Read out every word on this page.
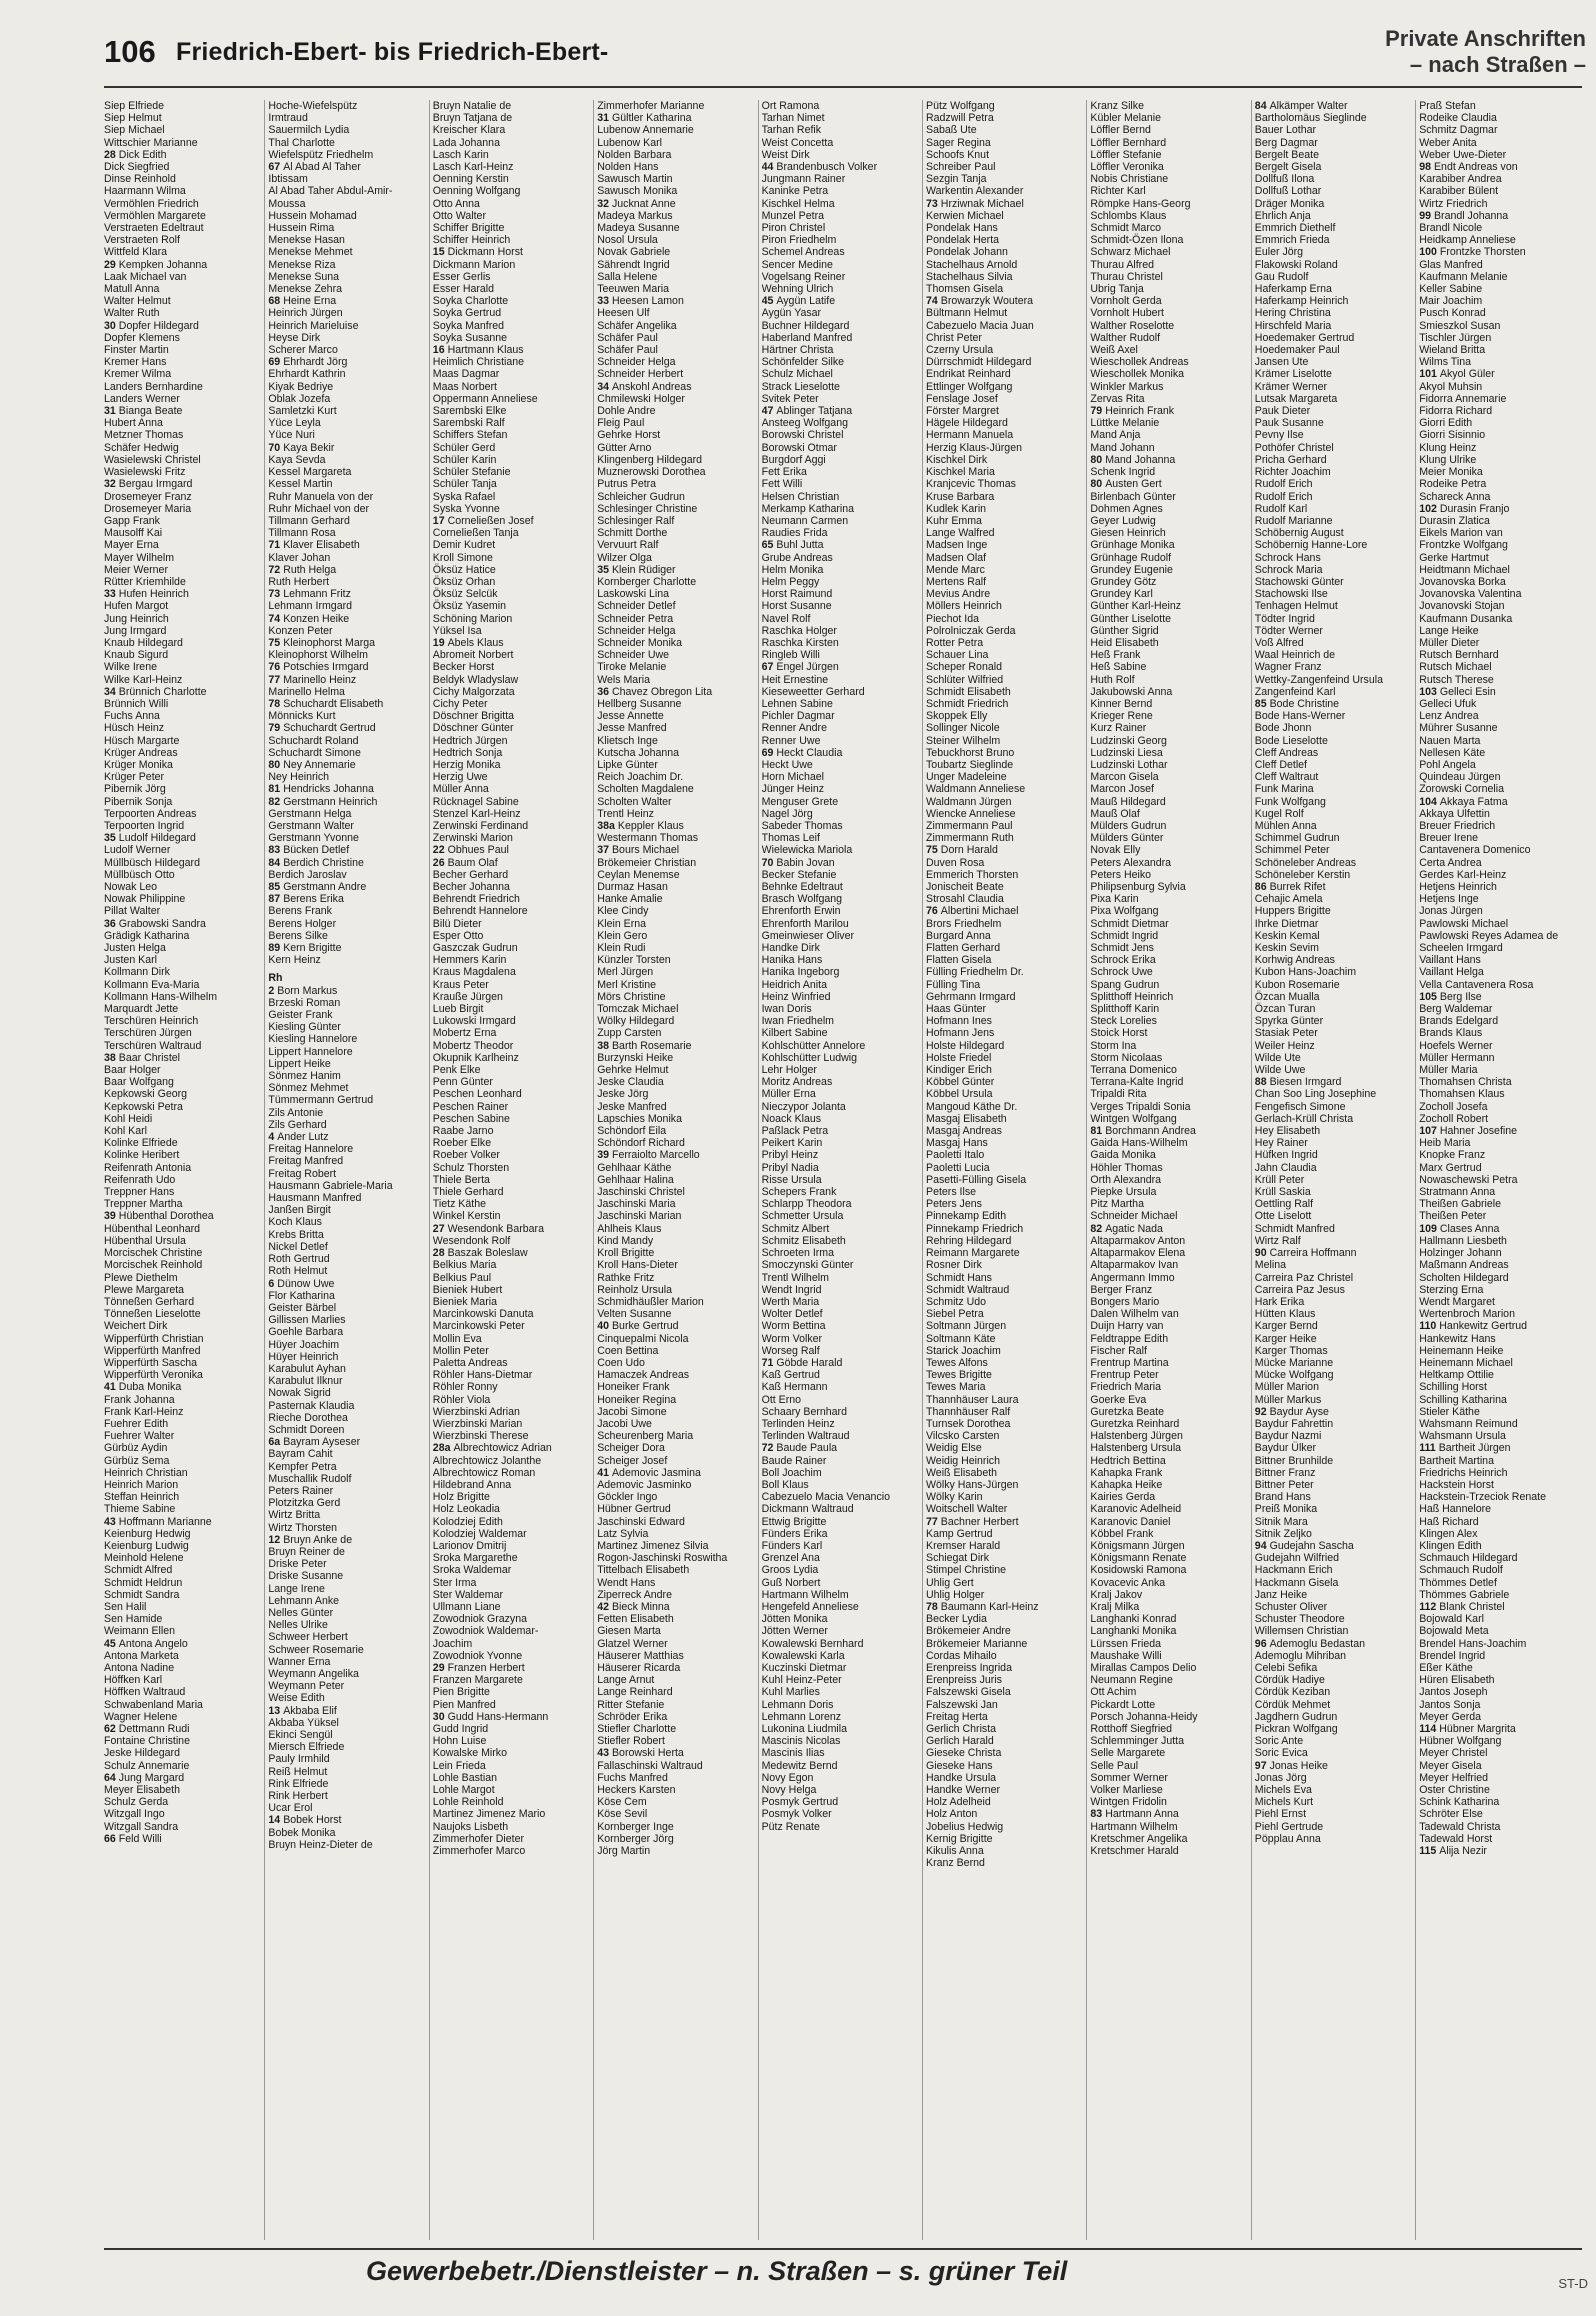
106 Friedrich-Ebert- bis Friedrich-Ebert-	Private Anschriften
– nach Straßen –
Siep Elfriede
Siep Helmut
Siep Michael
Wittschier Marianne
28 Dick Edith
Dick Siegfried
Dinse Reinhold
Haarmann Wilma
Vermöhlen Friedrich
Vermöhlen Margarete
Verstraeten Edeltraut
Verstraeten Rolf
Wittfeld Klara
29 Kempken Johanna
Laak Michael van
Matull Anna
Walter Helmut
Walter Ruth
30 Dopfer Hildegard
Dopfer Klemens
Finster Martin
Kremer Hans
Kremer Wilma
Landers Bernhardine
Landers Werner
31 Bianga Beate
Hubert Anna
Metzner Thomas
Schäfer Hedwig
Wasielewski Christel
Wasielewski Fritz
32 Bergau Irmgard
Drosemeyer Franz
Drosemeyer Maria
Gapp Frank
Mausolff Kai
Mayer Erna
Mayer Wilhelm
Meier Werner
Rütter Kriemhilde
33 Hufen Heinrich
Hufen Margot
Jung Heinrich
Jung Irmgard
Knaub Hildegard
Knaub Sigurd
Wilke Irene
Wilke Karl-Heinz
34 Brünnich Charlotte
Brünnich Willi
Fuchs Anna
Hüsch Heinz
Hüsch Margarte
Krüger Andreas
Krüger Monika
Krüger Peter
Pibernik Jörg
Pibernik Sonja
Terpoorten Andreas
Terpoorten Ingrid
35 Ludolf Hildegard
Ludolf Werner
Müllbüsch Hildegard
Müllbüsch Otto
Nowak Leo
Nowak Philippine
Pillat Walter
36 Grabowski Sandra
Grädigk Katharina
Justen Helga
Justen Karl
Kollmann Dirk
Kollmann Eva-Maria
Kollmann Hans-Wilhelm
Marquardt Jette
Terschüren Heinrich
Terschüren Jürgen
Terschüren Waltraud
38 Baar Christel
Baar Holger
Baar Wolfgang
Kepkowski Georg
Kepkowski Petra
Kohl Heidi
Kohl Karl
Kolinke Elfriede
Kolinke Heribert
Reifenrath Antonia
Reifenrath Udo
Treppner Hans
Treppner Martha
39 Hübenthal Dorothea
Hübenthal Leonhard
Hübenthal Ursula
Morcischek Christine
Morcischek Reinhold
Plewe Diethelm
Plewe Margareta
Tönneßen Gerhard
Tönneßen Lieselotte
Weichert Dirk
Wipperfürth Christian
Wipperfürth Manfred
Wipperfürth Sascha
Wipperfürth Veronika
41 Duba Monika
Frank Johanna
Frank Karl-Heinz
Fuehrer Edith
Fuehrer Walter
Gürbüz Aydin
Gürbüz Sema
Heinrich Christian
Heinrich Marion
Steffan Heinrich
Thieme Sabine
43 Hoffmann Marianne
Keienburg Hedwig
Keienburg Ludwig
Meinhold Helene
Schmidt Alfred
Schmidt Heldrun
Schmidt Sandra
Sen Halil
Sen Hamide
Weimann Ellen
45 Antona Angelo
Antona Marketa
Antona Nadine
Höffken Karl
Höffken Waltraud
Schwabenland Maria
Wagner Helene
62 Dettmann Rudi
Fontaine Christine
Jeske Hildegard
Schulz Annemarie
64 Jung Margard
Meyer Elisabeth
Schulz Gerda
Witzgall Ingo
Witzgall Sandra
66 Feld Willi
Hoche-Wiefelspütz
Irmtraud
Sauermilch Lydia
Thal Charlotte
Wiefelspütz Friedhelm
67 Al Abad Al Taher
Ibtissam
Al Abad Taher Abdul-Amir-
Moussa
Hussein Mohamad
Hussein Rima
Menekse Hasan
Menekse Mehmet
Menekse Riza
Menekse Suna
Menekse Zehra
68 Heine Erna
Heinrich Jürgen
Heinrich Marieluise
Heyse Dirk
Scherer Marco
69 Ehrhardt Jörg
Ehrhardt Kathrin
Kiyak Bedriye
Oblak Jozefa
Samletzki Kurt
Yüce Leyla
Yüce Nuri
70 Kaya Bekir
Kaya Sevda
Kessel Margareta
Kessel Martin
Ruhr Manuela von der
Ruhr Michael von der
Tillmann Gerhard
Tillmann Rosa
71 Klaver Elisabeth
Klaver Johan
72 Ruth Helga
Ruth Herbert
73 Lehmann Fritz
Lehmann Irmgard
74 Konzen Heike
Konzen Peter
75 Kleinophorst Marga
Kleinophorst Wilhelm
76 Potschies Irmgard
77 Marinello Heinz
Marinello Helma
78 Schuchardt Elisabeth
Mönnicks Kurt
79 Schuchardt Gertrud
Schuchardt Roland
Schuchardt Simone
80 Ney Annemarie
Ney Heinrich
81 Hendricks Johanna
82 Gerstmann Heinrich
Gerstmann Helga
Gerstmann Walter
Gerstmann Yvonne
83 Bücken Detlef
84 Berdich Christine
Berdich Jaroslav
85 Gerstmann Andre
87 Berens Erika
Berens Frank
Berens Holger
Berens Silke
89 Kern Brigitte
Kern Heinz
Rh
2 Born Markus
Brzeski Roman
Geister Frank
Kiesling Günter
Kiesling Hannelore
Lippert Hannelore
Lippert Heike
Sönmez Hanim
Sönmez Mehmet
Tümmermann Gertrud
Zils Antonie
Zils Gerhard
4 Ander Lutz
Freitag Hannelore
Freitag Manfred
Freitag Robert
Hausmann Gabriele-Maria
Hausmann Manfred
Janßen Birgit
Koch Klaus
Krebs Britta
Nickel Detlef
Roth Gertrud
Roth Helmut
6 Dünow Uwe
Flor Katharina
Geister Bärbel
Gillissen Marlies
Goehle Barbara
Hüyer Joachim
Hüyer Heinrich
Karabulut Ayhan
Karabulut Ilknur
Nowak Sigrid
Pasternak Klaudia
Rieche Dorothea
Schmidt Doreen
6a Bayram Ayseser
Bayram Cahit
Kempfer Petra
Muschallik Rudolf
Peters Rainer
Plotzitzka Gerd
Wirtz Britta
Wirtz Thorsten
12 Bruyn Anke de
Bruyn Reiner de
Driske Peter
Driske Susanne
Lange Irene
Lehmann Anke
Nelles Günter
Nelles Ulrike
Schweer Herbert
Schweer Rosemarie
Wanner Erna
Weymann Angelika
Weymann Peter
Weise Edith
13 Akbaba Elif
Akbaba Yüksel
Ekinci Sengül
Miersch Elfriede
Pauly Irmhild
Reiß Helmut
Rink Elfriede
Rink Herbert
Ucar Erol
14 Bobek Horst
Bobek Monika
Bruyn Heinz-Dieter de
Bruyn Natalie de
Bruyn Tatjana de
Kreischer Klara
Lada Johanna
Lasch Karin
Lasch Karl-Heinz
Oenning Kerstin
Oenning Wolfgang
Otto Anna
Otto Walter
Schiffer Brigitte
Schiffer Heinrich
15 Dickmann Horst
Dickmann Marion
Esser Gerlis
Esser Harald
Soyka Charlotte
Soyka Gertrud
Soyka Manfred
Soyka Susanne
16 Hartmann Klaus
Heimlich Christiane
Maas Dagmar
Maas Norbert
Oppermann Anneliese
Sarembski Elke
Sarembski Ralf
Schiffers Stefan
Schüler Gerd
Schüler Karin
Schüler Stefanie
Schüler Tanja
Syska Rafael
Syska Yvonne
17 Corneließen Josef
Corneließen Tanja
Demir Kudret
Kroll Simone
Öksüz Hatice
Öksüz Orhan
Öksüz Selcük
Öksüz Yasemin
Schöning Marion
Yüksel Isa
19 Abels Klaus
Abromeit Norbert
Becker Horst
Beldyk Wladyslaw
Cichy Malgorzata
Cichy Peter
Döschner Brigitta
Döschner Günter
Hedtrich Jürgen
Hedtrich Sonja
Herzig Monika
Herzig Uwe
Müller Anna
Rücknagel Sabine
Stenzel Karl-Heinz
Zerwinski Ferdinand
Zerwinski Marion
22 Obhues Paul
26 Baum Olaf
Becher Gerhard
Becher Johanna
Behrendt Friedrich
Behrendt Hannelore
Bilü Dieter
Esper Otto
Gaszczak Gudrun
Hemmers Karin
Kraus Magdalena
Kraus Peter
Krauße Jürgen
Lueb Birgit
Lukowski Irmgard
Mobertz Erna
Mobertz Theodor
Okupnik Karlheinz
Penk Elke
Penn Günter
Peschen Leonhard
Peschen Rainer
Peschen Sabine
Raabe Jarno
Roeber Elke
Roeber Volker
Schulz Thorsten
Thiele Berta
Thiele Gerhard
Tietz Käthe
Winkel Kerstin
27 Wesendonk Barbara
Wesendonk Rolf
28 Baszak Boleslaw
Belkius Maria
Belkius Paul
Bieniek Hubert
Bieniek Maria
Marcinkowski Danuta
Marcinkowski Peter
Mollin Eva
Mollin Peter
Paletta Andreas
Röhler Hans-Dietmar
Röhler Ronny
Röhler Viola
Wierzbinski Adrian
Wierzbinski Marian
Wierzbinski Therese
28a Albrechtowicz Adrian
Albrechtowicz Jolanthe
Albrechtowicz Roman
Hildebrand Anna
Holz Brigitte
Holz Leokadia
Kolodziej Edith
Kolodziej Waldemar
Larionov Dmitrij
Sroka Margarethe
Sroka Waldemar
Ster Irma
Ster Waldemar
Ullmann Liane
Zowodniok Grazyna
Zowodniok Waldemar-
Joachim
Zowodniok Yvonne
29 Franzen Herbert
Franzen Margarete
Pien Brigitte
Pien Manfred
30 Gudd Hans-Hermann
Gudd Ingrid
Hohn Luise
Kowalske Mirko
Lein Frieda
Lohle Bastian
Lohle Margot
Lohle Reinhold
Martinez Jimenez Mario
Naujoks Lisbeth
Zimmerhofer Dieter
Zimmerhofer Marco
Zimmerhofer Marianne
31 Gültler Katharina
Lubenow Annemarie
Lubenow Karl
Nolden Barbara
Nolden Hans
Sawusch Martin
Sawusch Monika
32 Jucknat Anne
Madeya Markus
Madeya Susanne
Nosol Ursula
Novak Gabriele
Sährendt Ingrid
Salla Helene
Teeuwen Maria
33 Heesen Lamon
Heesen Ulf
Schäfer Angelika
Schäfer Paul
Schäfer Paul
Schneider Helga
Schneider Herbert
34 Anskohl Andreas
Chmilewski Holger
Dohle Andre
Fleig Paul
Gehrke Horst
Gütter Arno
Klingenberg Hildegard
Muznerowski Dorothea
Putrus Petra
Schleicher Gudrun
Schlesinger Christine
Schlesinger Ralf
Schmitt Dorthe
Vervuurt Ralf
Wilzer Olga
35 Klein Rüdiger
Kornberger Charlotte
Laskowski Lina
Schneider Detlef
Schneider Petra
Schneider Helga
Schneider Monika
Schneider Uwe
Tiroke Melanie
Wels Maria
36 Chavez Obregon Lita
Hellberg Susanne
Jesse Annette
Jesse Manfred
Klietsch Inge
Kutscha Johanna
Lipke Günter
Reich Joachim Dr.
Scholten Magdalene
Scholten Walter
Trentl Heinz
38a Keppler Klaus
Westermann Thomas
37 Bours Michael
Brökemeier Christian
Ceylan Menemse
Durmaz Hasan
Hanke Amalie
Klee Cindy
Klein Erna
Klein Gero
Klein Rudi
Künzler Torsten
Merl Jürgen
Merl Kristine
Mörs Christine
Tomczak Michael
Wölky Hildegard
Zupp Carsten
38 Barth Rosemarie
Burzynski Heike
Gehrke Helmut
Jeske Claudia
Jeske Jörg
Jeske Manfred
Lapschies Monika
Schöndorf Eila
Schöndorf Richard
39 Ferraiolto Marcello
Gehlhaar Käthe
Gehlhaar Halina
Jaschinski Christel
Jaschinski Maria
Jaschinski Marian
Ahlheis Klaus
Kind Mandy
Kroll Brigitte
Kroll Hans-Dieter
Rathke Fritz
Reinholz Ursula
Schmidhäußler Marion
Velten Susanne
40 Burke Gertrud
Cinquepalmi Nicola
Coen Bettina
Coen Udo
Hamaczek Andreas
Honeiker Frank
Honeiker Regina
Jacobi Simone
Jacobi Uwe
Scheurenberg Maria
Scheiger Dora
Scheiger Josef
41 Ademovic Jasmina
Ademovic Jasminko
Göckler Ingo
Hübner Gertrud
Jaschinski Edward
Latz Sylvia
Martinez Jimenez Silvia
Rogon-Jaschinski Roswitha
Tittelbach Elisabeth
Wendt Hans
Ziperreck Andre
42 Bieck Minna
Fetten Elisabeth
Giesen Marta
Glatzel Werner
Häuserer Matthias
Häuserer Ricarda
Lange Arnut
Lange Reinhard
Ritter Stefanie
Schröder Erika
Stiefler Charlotte
Stiefler Robert
43 Borowski Herta
Fallaschinski Waltraud
Fuchs Manfred
Heckers Karsten
Köse Cem
Köse Sevil
Kornberger Inge
Kornberger Jörg
Jörg Martin
Ort Ramona
Tarhan Nimet
Tarhan Refik
Weist Concetta
Weist Dirk
44 Brandenbusch Volker
Jungmann Rainer
Kaninke Petra
Kischkel Helma
Munzel Petra
Piron Christel
Piron Friedhelm
Schemel Andreas
Sencer Medine
Vogelsang Reiner
Wehning Ulrich
45 Aygün Latife
Aygün Yasar
Buchner Hildegard
Haberland Manfred
Härtner Christa
Schönfelder Silke
Schulz Michael
Strack Lieselotte
Svitek Peter
47 Ablinger Tatjana
Ansteeg Wolfgang
Borowski Christel
Borowski Otmar
Burgdorf Aggi
Fett Erika
Fett Willi
Helsen Christian
Merkamp Katharina
Neumann Carmen
Raudies Frida
65 Buhl Jutta
Grube Andreas
Helm Monika
Helm Peggy
Horst Raimund
Horst Susanne
Navel Rolf
Raschka Holger
Raschka Kirsten
Ringleb Willi
67 Engel Jürgen
Heit Ernestine
Kieseweetter Gerhard
Lehnen Sabine
Pichler Dagmar
Renner Andre
Renner Uwe
69 Heckt Claudia
Heckt Uwe
Horn Michael
Jünger Heinz
Menguser Grete
Nagel Jörg
Sabeder Thomas
Thomas Leif
Wielewicka Mariola
70 Babin Jovan
Becker Stefanie
Behnke Edeltraut
Brasch Wolfgang
Ehrenforth Erwin
Ehrenforth Marilou
Gmeinwieser Oliver
Handke Dirk
Hanika Hans
Hanika Ingeborg
Heidrich Anita
Heinz Winfried
Iwan Doris
Iwan Friedhelm
Kilbert Sabine
Kohlschütter Annelore
Kohlschütter Ludwig
Lehr Holger
Moritz Andreas
Müller Erna
Nieczypor Jolanta
Noack Klaus
Paßlack Petra
Peikert Karin
Pribyl Heinz
Pribyl Nadia
Risse Ursula
Schepers Frank
Schlarpp Theodora
Schmetter Ursula
Schmitz Albert
Schmitz Elisabeth
Schroeten Irma
Smoczynski Günter
Trentl Wilhelm
Wendt Ingrid
Werth Maria
Wolter Detlef
Worm Bettina
Worm Volker
Worseg Ralf
71 Göbde Harald
Kaß Gertrud
Kaß Hermann
Ott Erno
Schaary Bernhard
Terlinden Heinz
Terlinden Waltraud
72 Baude Paula
Baude Rainer
Boll Joachim
Boll Klaus
Cabezuelo Macia Venancio
Dickmann Waltraud
Ettwig Brigitte
Fünders Erika
Fünders Karl
Grenzel Ana
Groos Lydia
Guß Norbert
Hartmann Wilhelm
Hengefeld Anneliese
Jötten Monika
Jötten Werner
Kowalewski Bernhard
Kowalewski Karla
Kuczinski Dietmar
Kuhl Heinz-Peter
Kuhl Marlies
Lehmann Doris
Lehmann Lorenz
Lukonina Liudmila
Mascinis Nicolas
Mascinis Ilias
Medewitz Bernd
Novy Egon
Novy Helga
Posmyk Gertrud
Posmyk Volker
Pütz Renate
Pütz Wolfgang
Radzwill Petra
Sabaß Ute
Sager Regina
Schoofs Knut
Schreiber Paul
Sezgin Tanja
Warkentin Alexander
73 Hrziwnak Michael
Kerwien Michael
Pondelak Hans
Pondelak Herta
Pondelak Johann
Stachelhaus Arnold
Stachelhaus Silvia
Thomsen Gisela
74 Browarzyk Woutera
Bültmann Helmut
Cabezuelo Macia Juan
Christ Peter
Czerny Ursula
Dürrschmidt Hildegard
Endrikat Reinhard
Ettlinger Wolfgang
Fenslage Josef
Förster Margret
Hägele Hildegard
Hermann Manuela
Herzig Klaus-Jürgen
Kischkel Dirk
Kischkel Maria
Kranjcevic Thomas
Kruse Barbara
Kudlek Karin
Kuhr Emma
Lange Walfred
Madsen Inge
Madsen Olaf
Mende Marc
Mertens Ralf
Mevius Andre
Möllers Heinrich
Piechot Ida
Polrolniczak Gerda
Rotter Petra
Schauer Lina
Scheper Ronald
Schlüter Wilfried
Schmidt Elisabeth
Schmidt Friedrich
Skoppek Elly
Sollinger Nicole
Steiner Wilhelm
Tebuckhorst Bruno
Toubartz Sieglinde
Unger Madeleine
Waldmann Anneliese
Waldmann Jürgen
Wiencke Anneliese
Zimmermann Paul
Zimmermann Ruth
75 Dorn Harald
Duven Rosa
Emmerich Thorsten
Jonischeit Beate
Strosahl Claudia
76 Albertini Michael
Brors Friedhelm
Burgard Anna
Flatten Gerhard
Flatten Gisela
Fülling Friedhelm Dr.
Fülling Tina
Gehrmann Irmgard
Haas Günter
Hofmann Ines
Hofmann Jens
Holste Hildegard
Holste Friedel
Kindiger Erich
Köbbel Günter
Köbbel Ursula
Mangoud Käthe Dr.
Masgaj Elisabeth
Masgaj Andreas
Masgaj Hans
Paoletti Italo
Paoletti Lucia
Pasetti-Fülling Gisela
Peters Ilse
Peters Jens
Pinnekamp Edith
Pinnekamp Friedrich
Rehring Hildegard
Reimann Margarete
Rosner Dirk
Schmidt Hans
Schmidt Waltraud
Schmitz Udo
Siebel Petra
Soltmann Jürgen
Soltmann Käte
Starick Joachim
Tewes Alfons
Tewes Brigitte
Tewes Maria
Thannhäuser Laura
Thannhäuser Ralf
Turnsek Dorothea
Vilcsko Carsten
Weidig Else
Weidig Heinrich
Weiß Elisabeth
Wölky Hans-Jürgen
Wölky Karin
Woitschell Walter
77 Bachner Herbert
Kamp Gertrud
Kremser Harald
Schiegat Dirk
Stimpel Christine
Uhlig Gert
Uhlig Holger
78 Baumann Karl-Heinz
Becker Lydia
Brökemeier Andre
Brökemeier Marianne
Cordas Mihailo
Erenpreiss Ingrida
Erenpreiss Juris
Falszewski Gisela
Falszewski Jan
Freitag Herta
Gerlich Christa
Gerlich Harald
Gieseke Christa
Gieseke Hans
Handke Ursula
Handke Werner
Holz Adelheid
Holz Anton
Jobelius Hedwig
Kernig Brigitte
Kikulis Anna
Kranz Bernd
Kranz Silke
Kübler Melanie
Löffler Bernd
Löffler Bernhard
Löffler Stefanie
Löffler Veronika
Nobis Christiane
Richter Karl
Römpke Hans-Georg
Schlombs Klaus
Schmidt Marco
Schmidt-Özen Ilona
Schwarz Michael
Thurau Alfred
Thurau Christel
Ubrig Tanja
Vornholt Gerda
Vornholt Hubert
Walther Roselotte
Walther Rudolf
Weiß Axel
Wieschollek Andreas
Wieschollek Monika
Winkler Markus
Zervas Rita
79 Heinrich Frank
Lüttke Melanie
Mand Anja
Mand Johann
80 Mand Johanna
Schenk Ingrid
80 Austen Gert
Birlenbach Günter
Dohmen Agnes
Geyer Ludwig
Giesen Heinrich
Grünhage Monika
Grünhage Rudolf
Grundey Eugenie
Grundey Götz
Grundey Karl
Günther Karl-Heinz
Günther Liselotte
Günther Sigrid
Heid Elisabeth
Heß Frank
Heß Sabine
Huth Rolf
Jakubowski Anna
Kinner Bernd
Krieger Rene
Kurz Rainer
Ludzinski Georg
Ludzinski Liesa
Ludzinski Lothar
Marcon Gisela
Marcon Josef
Mauß Hildegard
Mauß Olaf
Mülders Gudrun
Mülders Günter
Novak Elly
Peters Alexandra
Peters Heiko
Philipsenburg Sylvia
Pixa Karin
Pixa Wolfgang
Schmidt Dietmar
Schmidt Ingrid
Schmidt Jens
Schrock Erika
Schrock Uwe
Spang Gudrun
Splitthoff Heinrich
Splitthoff Karin
Steck Lorelies
Stoick Horst
Storm Ina
Storm Nicolaas
Terrana Domenico
Terrana-Kalte Ingrid
Tripaldi Rita
Verges Tripaldi Sonia
Wintgen Wolfgang
81 Borchmann Andrea
Gaida Hans-Wilhelm
Gaida Monika
Höhler Thomas
Orth Alexandra
Piepke Ursula
Pitz Martha
Schneider Michael
82 Agatic Nada
Altaparmakov Anton
Altaparmakov Elena
Altaparmakov Ivan
Angermann Immo
Berger Franz
Bongers Mario
Dalen Wilhelm van
Duijn Harry van
Feldtrappe Edith
Fischer Ralf
Frentrup Martina
Frentrup Peter
Friedrich Maria
Goerke Eva
Guretzka Beate
Guretzka Reinhard
Halstenberg Jürgen
Halstenberg Ursula
Hedtrich Bettina
Kahapka Frank
Kahapka Heike
Kairies Gerda
Karanovic Adelheid
Karanovic Daniel
Köbbel Frank
Königsmann Jürgen
Königsmann Renate
Kosidowski Ramona
Kovacevic Anka
Kralj Jakov
Kralj Milka
Langhanki Konrad
Langhanki Monika
Lürssen Frieda
Maushake Willi
Mirallas Campos Delio
Neumann Regine
Ott Achim
Pickardt Lotte
Porsch Johanna-Heidy
Rotthoff Siegfried
Schlemminger Jutta
Selle Margarete
Selle Paul
Sommer Werner
Volker Marliese
Wintgen Fridolin
83 Hartmann Anna
Hartmann Wilhelm
Kretschmer Angelika
Kretschmer Harald
84 Alkämper Walter
Bartholomäus Sieglinde
Bauer Lothar
Berg Dagmar
Bergelt Beate
Bergelt Gisela
Dollfuß Ilona
Dollfuß Lothar
Dräger Monika
Ehrlich Anja
Emmrich Diethelf
Emmrich Frieda
Euler Jörg
Flakowski Roland
Gau Rudolf
Haferkamp Erna
Haferkamp Heinrich
Hering Christina
Hirschfeld Maria
Hoedemaker Gertrud
Hoedemaker Paul
Jansen Ute
Krämer Liselotte
Krämer Werner
Lutsak Margareta
Pauk Dieter
Pauk Susanne
Pevny Ilse
Pothöfer Christel
Pricha Gerhard
Richter Joachim
Rudolf Erich
Rudolf Erich
Rudolf Karl
Rudolf Marianne
Schöbernig August
Schöbernig Hanne-Lore
Schrock Hans
Schrock Maria
Stachowski Günter
Stachowski Ilse
Tenhagen Helmut
Tödter Ingrid
Tödter Werner
Voß Alfred
Waal Heinrich de
Wagner Franz
Wettky-Zangenfeind Ursula
Zangenfeind Karl
85 Bode Christine
Bode Hans-Werner
Bode Jhonn
Bode Lieselotte
Cleff Andreas
Cleff Detlef
Cleff Waltraut
Funk Marina
Funk Wolfgang
Kugel Rolf
Mühlen Anna
Schimmel Gudrun
Schimmel Peter
Schöneleber Andreas
Schöneleber Kerstin
86 Burrek Rifet
Cehajic Amela
Huppers Brigitte
Ihrke Dietmar
Keskin Kemal
Keskin Sevim
Korhwig Andreas
Kubon Hans-Joachim
Kubon Rosemarie
Özcan Mualla
Özcan Turan
Spyrka Günter
Stasiak Peter
Weiler Heinz
Wilde Ute
Wilde Uwe
88 Biesen Irmgard
Chan Soo Ling Josephine
Fengefisch Simone
Gerlach-Krüll Christa
Hey Elisabeth
Hey Rainer
Hüfken Ingrid
Jahn Claudia
Krüll Peter
Krüll Saskia
Oettling Ralf
Otte Liselott
Schmidt Manfred
Wirtz Ralf
90 Carreira Hoffmann
Melina
Carreira Paz Christel
Carreira Paz Jesus
Hark Erika
Hütten Klaus
Karger Bernd
Karger Heike
Karger Thomas
Mücke Marianne
Mücke Wolfgang
Müller Marion
Müller Markus
92 Baydur Ayse
Baydur Fahrettin
Baydur Nazmi
Baydur Ülker
Bittner Brunhilde
Bittner Franz
Bittner Peter
Brand Hans
Preiß Monika
Sitnik Mara
Sitnik Zeljko
94 Gudejahn Sascha
Gudejahn Wilfried
Hackmann Erich
Hackmann Gisela
Janz Heike
Schuster Oliver
Schuster Theodore
Willemsen Christian
96 Ademoglu Bedastan
Ademoglu Mihriban
Celebi Sefika
Cördük Hadiye
Cördük Keziban
Cördük Mehmet
Jagdhern Gudrun
Pickran Wolfgang
Soric Ante
Soric Evica
97 Jonas Heike
Jonas Jörg
Michels Eva
Michels Kurt
Piehl Ernst
Piehl Gertrude
Pöpplau Anna
Praß Stefan
Rodeike Claudia
Schmitz Dagmar
Weber Anita
Weber Uwe-Dieter
98 Endt Andreas von
Karabiber Andrea
Karabiber Bülent
Wirtz Friedrich
99 Brandl Johanna
Brandl Nicole
Heidkamp Anneliese
100 Frontzke Thorsten
Glas Manfred
Kaufmann Melanie
Keller Sabine
Mair Joachim
Pusch Konrad
Smieszkol Susan
Tischler Jürgen
Wieland Britta
Wilms Tina
101 Akyol Güler
Akyol Muhsin
Fidorra Annemarie
Fidorra Richard
Giorri Edith
Giorri Sisinnio
Klung Heinz
Klung Ulrike
Meier Monika
Rodeike Petra
Schareck Anna
102 Durasin Franjo
Durasin Zlatica
Eikels Marion van
Frontzke Wolfgang
Gerke Hartmut
Heidtmann Michael
Jovanovska Borka
Jovanovska Valentina
Jovanovski Stojan
Kaufmann Dusanka
Lange Heike
Müller Dieter
Rutsch Bernhard
Rutsch Michael
Rutsch Therese
103 Gelleci Esin
Gelleci Ufuk
Lenz Andrea
Mührer Susanne
Nauen Marta
Nellesen Käte
Pohl Angela
Quindeau Jürgen
Zorowski Cornelia
104 Akkaya Fatma
Akkaya Ulfettin
Breuer Friedrich
Breuer Irene
Cantavenera Domenico
Certa Andrea
Gerdes Karl-Heinz
Hetjens Heinrich
Hetjens Inge
Jonas Jürgen
Pawlowski Michael
Pawlowski Reyes Adamea de
Scheelen Irmgard
Vaillant Hans
Vaillant Helga
Vella Cantavenera Rosa
105 Berg Ilse
Berg Waldemar
Brands Edelgard
Brands Klaus
Hoefels Werner
Müller Hermann
Müller Maria
Thomahsen Christa
Thomahsen Klaus
Zocholl Josefa
Zocholl Robert
107 Hahner Josefine
Heib Maria
Knopke Franz
Marx Gertrud
Nowaschewski Petra
Stratmann Anna
Theißen Gabriele
Theißen Peter
109 Clases Anna
Hallmann Liesbeth
Holzinger Johann
Maßmann Andreas
Scholten Hildegard
Sterzing Erna
Wendt Margaret
Wertenbroch Marion
110 Hankewitz Gertrud
Hankewitz Hans
Heinemann Heike
Heinemann Michael
Heltkamp Ottilie
Schilling Horst
Schilling Katharina
Stieler Käthe
Wahsmann Reimund
Wahsmann Ursula
111 Bartheit Jürgen
Bartheit Martina
Friedrichs Heinrich
Hackstein Horst
Hackstein-Trzeciok Renate
Haß Hannelore
Haß Richard
Klingen Alex
Klingen Edith
Schmauch Hildegard
Schmauch Rudolf
Thömmes Detlef
Thömmes Gabriele
112 Blank Christel
Bojowald Karl
Bojowald Meta
Brendel Hans-Joachim
Brendel Ingrid
Eßer Käthe
Hüren Elisabeth
Jantos Joseph
Jantos Sonja
Meyer Gerda
114 Hübner Margrita
Hübner Wolfgang
Meyer Christel
Meyer Gisela
Meyer Helfried
Oster Christine
Schink Katharina
Schröter Else
Tadewald Christa
Tadewald Horst
115 Alija Nezir
Gewerbebetr./Dienstleister – n. Straßen – s. grüner Teil	ST-D
